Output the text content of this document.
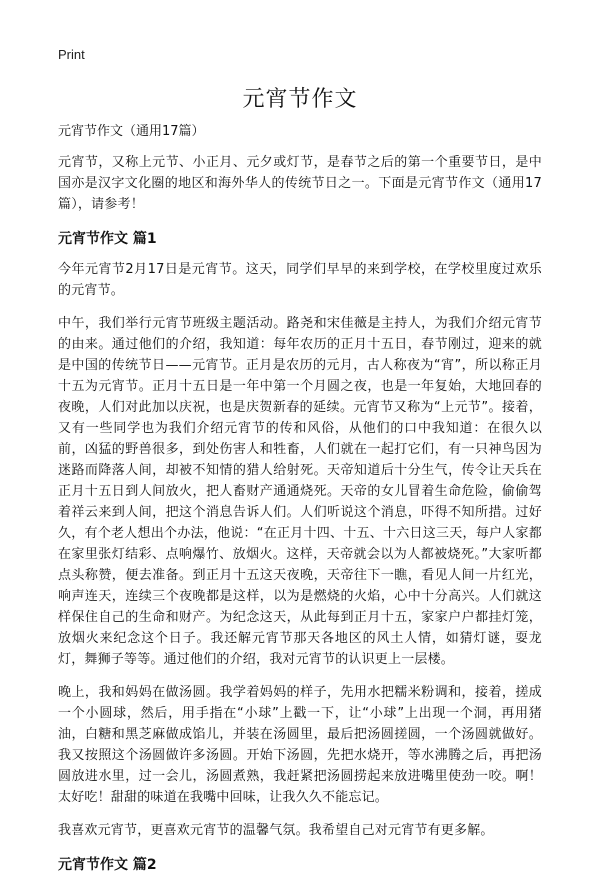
Print
元宵节作文
元宵节作文（通用17篇）

元宵节，又称上元节、小正月、元夕或灯节，是春节之后的第一个重要节日，是中国亦是汉字文化圈的地区和海外华人的传统节日之一。下面是元宵节作文（通用17篇），请参考！

元宵节作文 篇1

今年元宵节2月17日是元宵节。这天，同学们早早的来到学校，在学校里度过欢乐的元宵节。

中午，我们举行元宵节班级主题活动。路尧和宋佳薇是主持人，为我们介绍元宵节的由来。通过他们的介绍，我知道：每年农历的正月十五日，春节刚过，迎来的就是中国的传统节日——元宵节。正月是农历的元月，古人称夜为“宵”，所以称正月十五为元宵节。正月十五日是一年中第一个月圆之夜，也是一年复始，大地回春的夜晚，人们对此加以庆祝，也是庆贺新春的延续。元宵节又称为“上元节”。接着，又有一些同学也为我们介绍元宵节的传和风俗，从他们的口中我知道：在很久以前，凶猛的野兽很多，到处伤害人和牲畜，人们就在一起打它们，有一只神鸟因为迷路而降落人间，却被不知情的猎人给射死。天帝知道后十分生气，传令让天兵在正月十五日到人间放火，把人畜财产通通烧死。天帝的女儿冒着生命危险，偷偷驾着祥云来到人间，把这个消息告诉人们。人们听说这个消息，吓得不知所措。过好久，有个老人想出个办法，他说：“在正月十四、十五、十六日这三天，每户人家都在家里张灯结彩、点响爆竹、放烟火。这样，天帝就会以为人都被烧死。”大家听都点头称赞，便去准备。到正月十五这天夜晚，天帝往下一瞧，看见人间一片红光，响声连天，连续三个夜晚都是这样，以为是燃烧的火焰，心中十分高兴。人们就这样保住自己的生命和财产。为纪念这天，从此每到正月十五，家家户户都挂灯笼，放烟火来纪念这个日子。我还解元宵节那天各地区的风土人情，如猜灯谜，耍龙灯，舞狮子等等。通过他们的介绍，我对元宵节的认识更上一层楼。

晚上，我和妈妈在做汤圆。我学着妈妈的样子，先用水把糯米粉调和，接着，搓成一个小圆球，然后，用手指在“小球”上戳一下，让“小球”上出现一个洞，再用猪油，白糖和黑芝麻做成馅儿，并装在汤圆里，最后把汤圆搓圆，一个汤圆就做好。我又按照这个汤圆做许多汤圆。开始下汤圆，先把水烧开，等水沸腾之后，再把汤圆放进水里，过一会儿，汤圆煮熟，我赶紧把汤圆捞起来放进嘴里使劲一咬。啊！太好吃！甜甜的味道在我嘴中回味，让我久久不能忘记。

我喜欢元宵节，更喜欢元宵节的温馨气氛。我希望自己对元宵节有更多解。

元宵节作文 篇2
